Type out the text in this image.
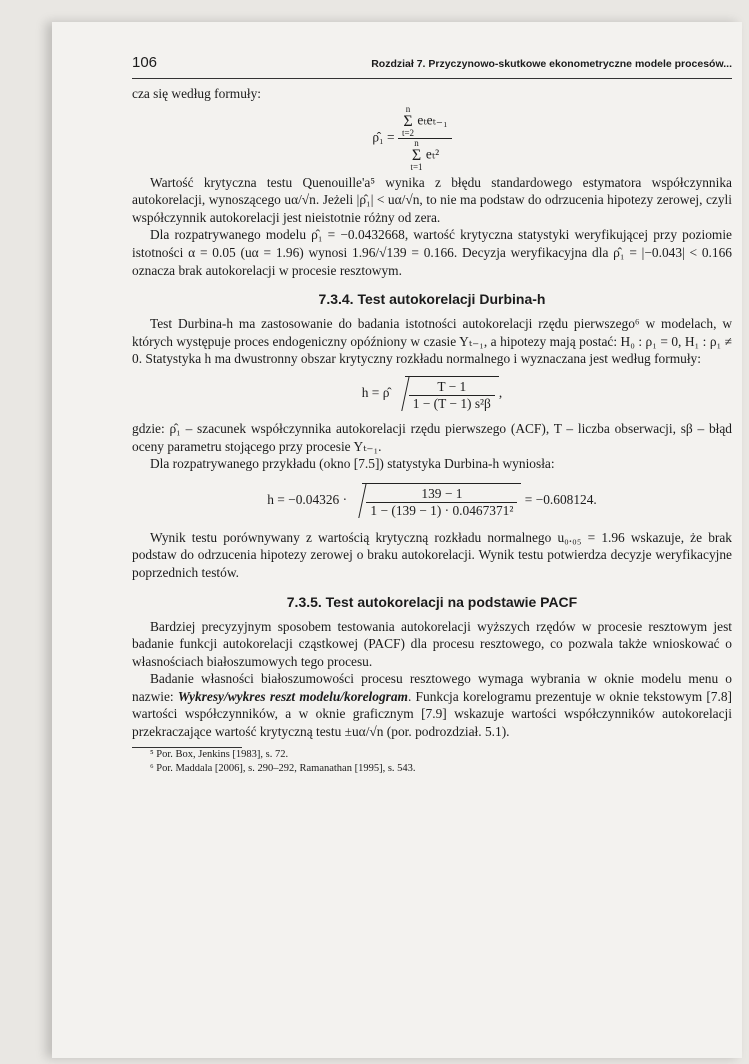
106	Rozdział 7. Przyczynowo-skutkowe ekonometryczne modele procesów...

cza się według formuły:

ρ̂₁ = n
Σ
t=2 eₜeₜ₋₁
n
Σ
t=1 eₜ²

Wartość krytyczna testu Quenouille'a⁵ wynika z błędu standardowego estymatora współczynnika autokorelacji, wynoszącego uα/√n. Jeżeli |ρ̂₁| < uα/√n, to nie ma podstaw do odrzucenia hipotezy zerowej, czyli współczynnik autokorelacji jest nieistotnie różny od zera.

Dla rozpatrywanego modelu ρ̂₁ = −0.0432668, wartość krytyczna statystyki weryfikującej przy poziomie istotności α = 0.05 (uα = 1.96) wynosi 1.96/√139 = 0.166. Decyzja weryfikacyjna dla ρ̂₁ = |−0.043| < 0.166 oznacza brak autokorelacji w procesie resztowym.

7.3.4. Test autokorelacji Durbina-h

Test Durbina-h ma zastosowanie do badania istotności autokorelacji rzędu pierwszego⁶ w modelach, w których występuje proces endogeniczny opóźniony w czasie Yₜ₋₁, a hipotezy mają postać: H₀ : ρ₁ = 0, H₁ : ρ₁ ≠ 0. Statystyka h ma dwustronny obszar krytyczny rozkładu normalnego i wyznaczana jest według formuły:

h = ρ̂ $\frac{T - 1}{\text{1 − (T − 1) s²β}}$ ,

gdzie: ρ̂₁ – szacunek współczynnika autokorelacji rzędu pierwszego (ACF), T – liczba obserwacji, sβ – błąd oceny parametru stojącego przy procesie Yₜ₋₁.

Dla rozpatrywanego przykładu (okno [7.5]) statystyka Durbina-h wyniosła:

$h = -0.04326 \cdot \frac{139 - 1}{\text{1 − (139 − 1) · 0.0467371²}} = -0.608124$.

Wynik testu porównywany z wartością krytyczną rozkładu normalnego u₀.₀₅ = 1.96 wskazuje, że brak podstaw do odrzucenia hipotezy zerowej o braku autokorelacji. Wynik testu potwierdza decyzje weryfikacyjne poprzednich testów.

7.3.5. Test autokorelacji na podstawie PACF

Bardziej precyzyjnym sposobem testowania autokorelacji wyższych rzędów w procesie resztowym jest badanie funkcji autokorelacji cząstkowej (PACF) dla procesu resztowego, co pozwala także wnioskować o własnościach białoszumowych tego procesu.

Badanie własności białoszumowości procesu resztowego wymaga wybrania w oknie modelu menu o nazwie: Wykresy/wykres reszt modelu/korelogram. Funkcja korelogramu prezentuje w oknie tekstowym [7.8] wartości współczynników, a w oknie graficznym [7.9] wskazuje wartości współczynników autokorelacji przekraczające wartość krytyczną testu ±uα/√n (por. podrozdział. 5.1).

⁵ Por. Box, Jenkins [1983], s. 72.
⁶ Por. Maddala [2006], s. 290–292, Ramanathan [1995], s. 543.
